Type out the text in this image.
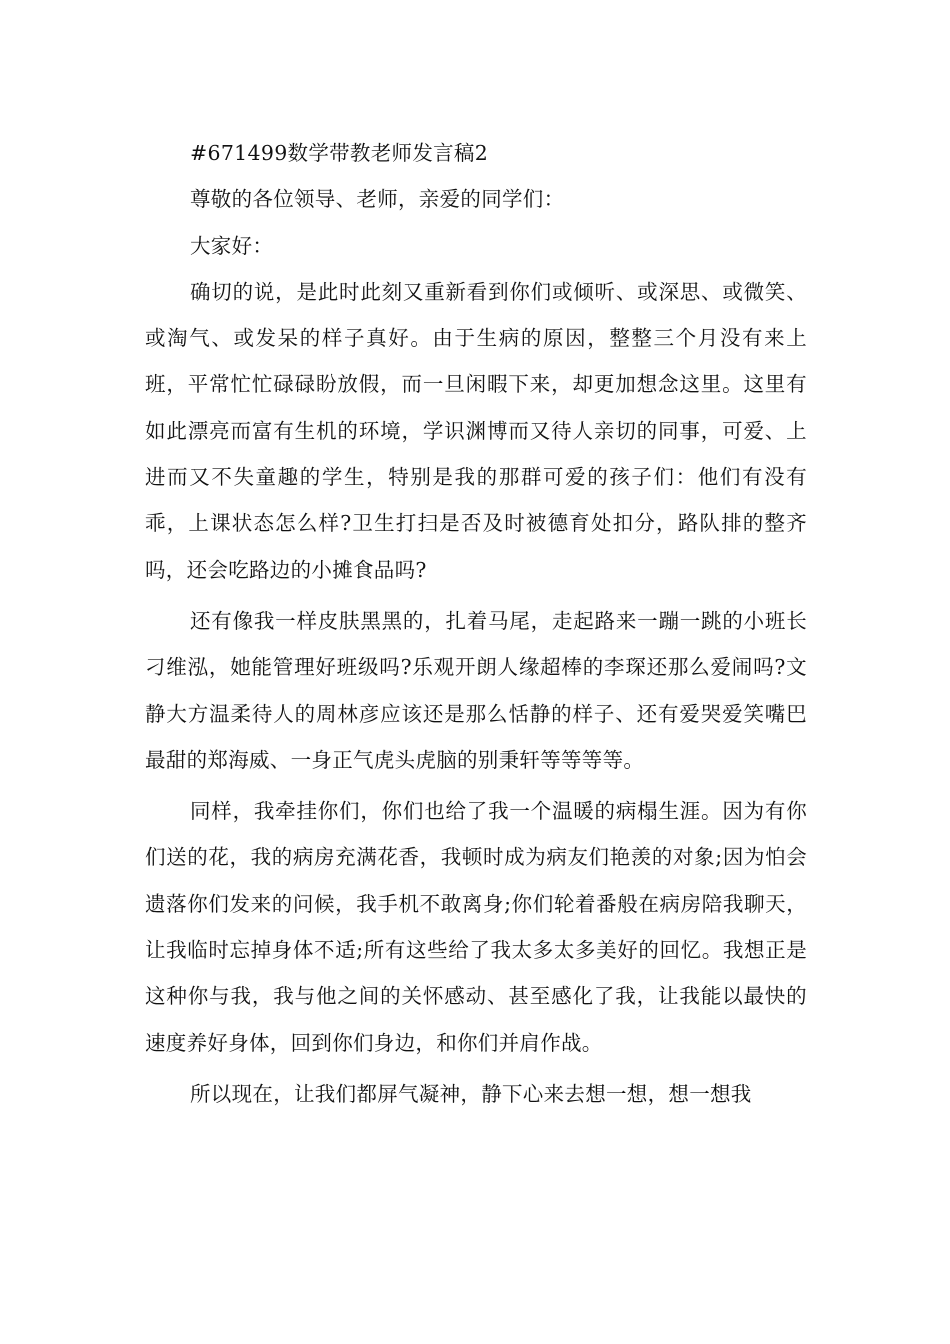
#671499数学带教老师发言稿2

尊敬的各位领导、老师，亲爱的同学们：

大家好：

确切的说，是此时此刻又重新看到你们或倾听、或深思、或微笑、或淘气、或发呆的样子真好。由于生病的原因，整整三个月没有来上班，平常忙忙碌碌盼放假，而一旦闲暇下来，却更加想念这里。这里有如此漂亮而富有生机的环境，学识渊博而又待人亲切的同事，可爱、上进而又不失童趣的学生，特别是我的那群可爱的孩子们：他们有没有乖，上课状态怎么样?卫生打扫是否及时被德育处扣分，路队排的整齐吗，还会吃路边的小摊食品吗?

还有像我一样皮肤黑黑的，扎着马尾，走起路来一蹦一跳的小班长刁维泓，她能管理好班级吗?乐观开朗人缘超棒的李琛还那么爱闹吗?文静大方温柔待人的周林彦应该还是那么恬静的样子、还有爱哭爱笑嘴巴最甜的郑海威、一身正气虎头虎脑的别秉轩等等等等。

同样，我牵挂你们，你们也给了我一个温暖的病榻生涯。因为有你们送的花，我的病房充满花香，我顿时成为病友们艳羡的对象;因为怕会遗落你们发来的问候，我手机不敢离身;你们轮着番般在病房陪我聊天，让我临时忘掉身体不适;所有这些给了我太多太多美好的回忆。我想正是这种你与我，我与他之间的关怀感动、甚至感化了我，让我能以最快的速度养好身体，回到你们身边，和你们并肩作战。

所以现在，让我们都屏气凝神，静下心来去想一想，想一想我
